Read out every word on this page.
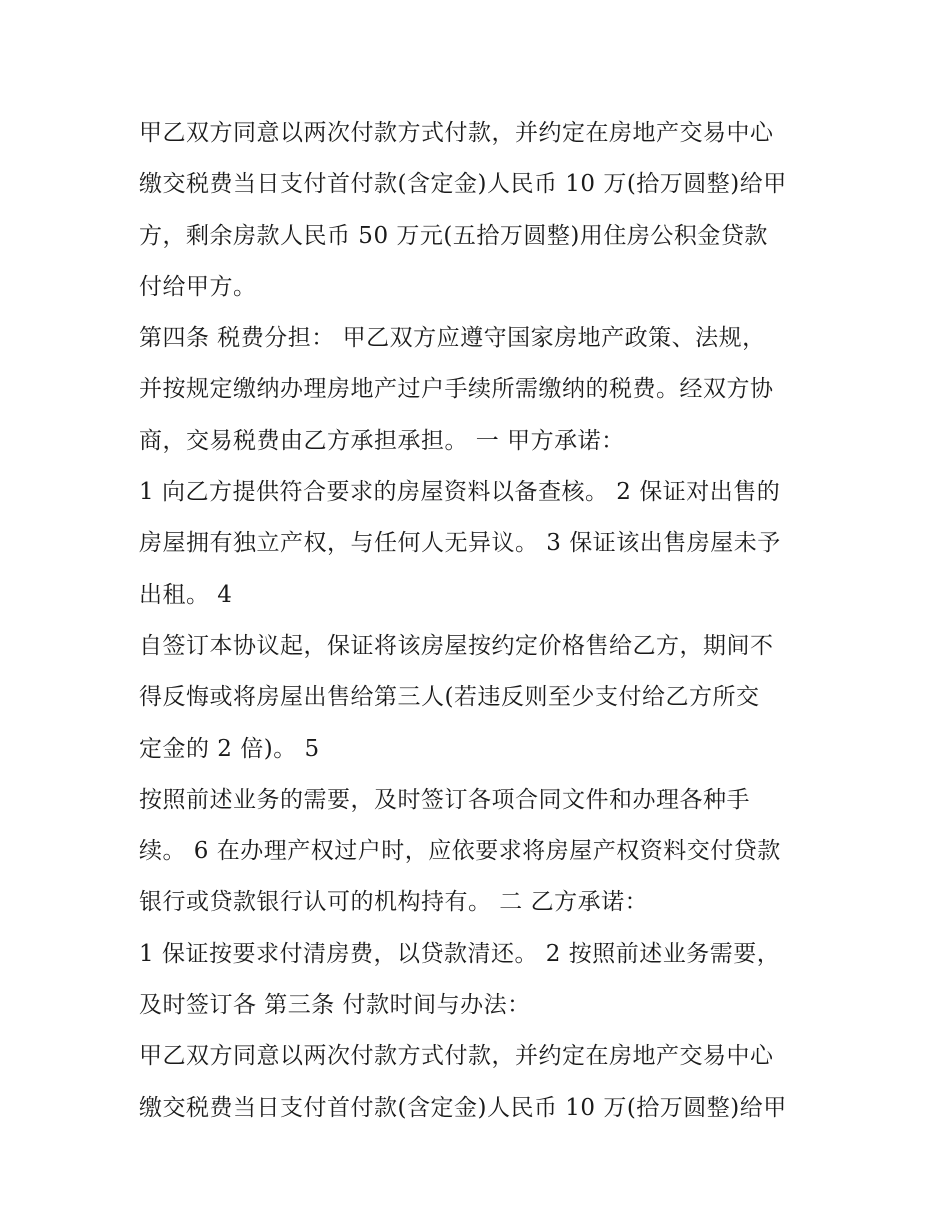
甲乙双方同意以两次付款方式付款，并约定在房地产交易中心
缴交税费当日支付首付款(含定金)人民币 10 万(拾万圆整)给甲
方，剩余房款人民币 50 万元(五拾万圆整)用住房公积金贷款
付给甲方。
第四条 税费分担： 甲乙双方应遵守国家房地产政策、法规，
并按规定缴纳办理房地产过户手续所需缴纳的税费。经双方协
商，交易税费由乙方承担承担。 一 甲方承诺：
1 向乙方提供符合要求的房屋资料以备查核。 2 保证对出售的
房屋拥有独立产权，与任何人无异议。 3 保证该出售房屋未予
出租。 4
自签订本协议起，保证将该房屋按约定价格售给乙方，期间不
得反悔或将房屋出售给第三人(若违反则至少支付给乙方所交
定金的 2 倍)。 5
按照前述业务的需要，及时签订各项合同文件和办理各种手
续。 6 在办理产权过户时，应依要求将房屋产权资料交付贷款
银行或贷款银行认可的机构持有。 二 乙方承诺：
1 保证按要求付清房费，以贷款清还。 2 按照前述业务需要，
及时签订各 第三条 付款时间与办法：
甲乙双方同意以两次付款方式付款，并约定在房地产交易中心
缴交税费当日支付首付款(含定金)人民币 10 万(拾万圆整)给甲
